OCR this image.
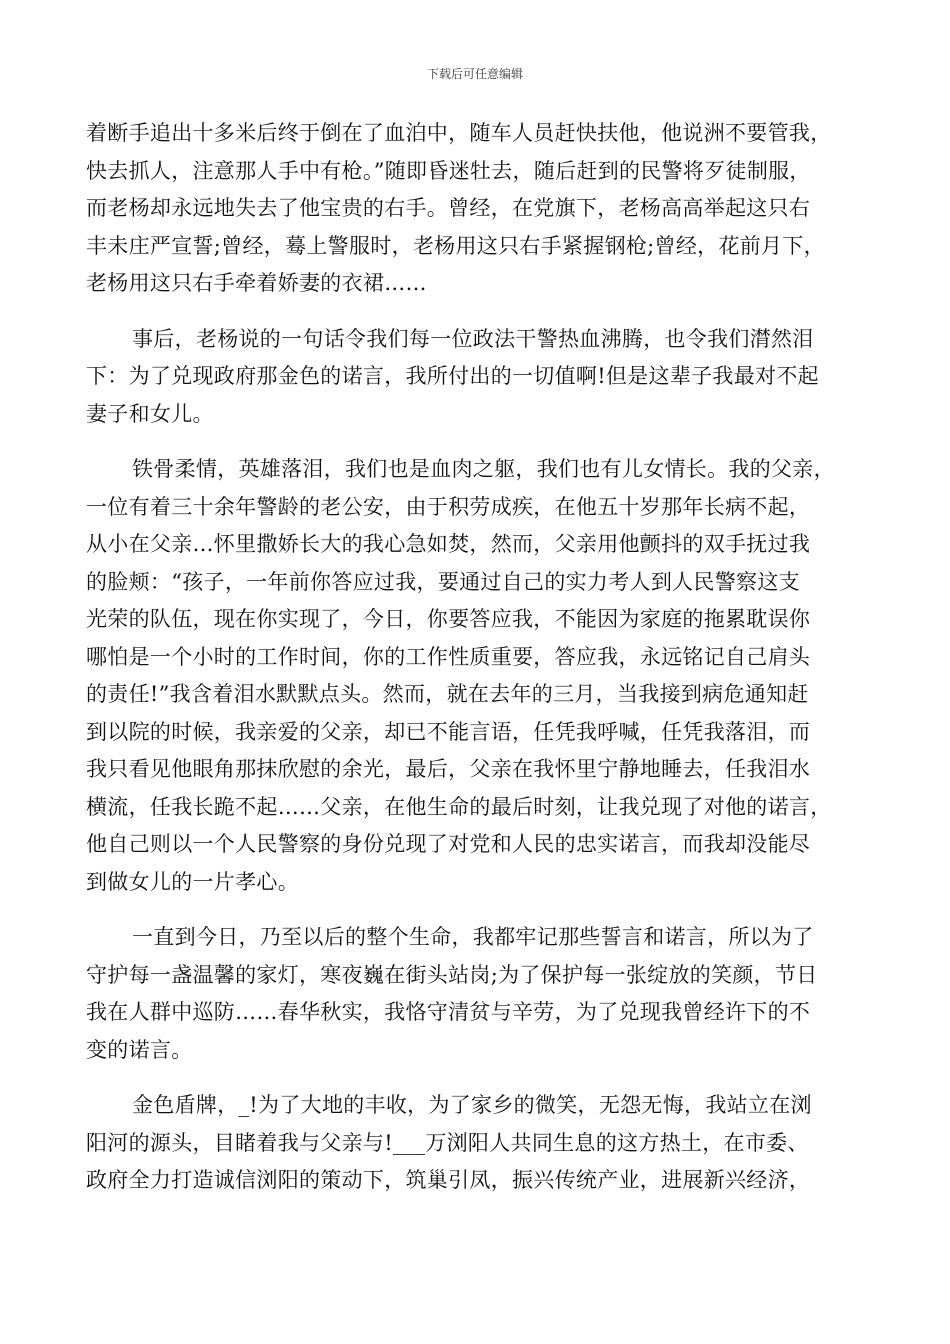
下载后可任意编辑
着断手追出十多米后终于倒在了血泊中，随车人员赶快扶他，他说洲不要管我，
快去抓人，注意那人手中有枪。”随即昏迷牡去，随后赶到的民警将歹徒制服，
而老杨却永远地失去了他宝贵的右手。曾经，在党旗下，老杨高高举起这只右
丰未庄严宣誓;曾经，蓦上警服时，老杨用这只右手紧握钢枪;曾经，花前月下，
老杨用这只右手牵着娇妻的衣裙……
事后，老杨说的一句话令我们每一位政法干警热血沸腾，也令我们潸然泪
下：为了兑现政府那金色的诺言，我所付出的一切值啊!但是这辈子我最对不起
妻子和女儿。
铁骨柔情，英雄落泪，我们也是血肉之躯，我们也有儿女情长。我的父亲，
一位有着三十余年警龄的老公安，由于积劳成疾，在他五十岁那年长病不起，
从小在父亲…怀里撒娇长大的我心急如焚，然而，父亲用他颤抖的双手抚过我
的脸颊：“孩子，一年前你答应过我，要通过自己的实力考人到人民警察这支
光荣的队伍，现在你实现了，今日，你要答应我，不能因为家庭的拖累耽误你
哪怕是一个小时的工作时间，你的工作性质重要，答应我，永远铭记自己肩头
的责任!”我含着泪水默默点头。然而，就在去年的三月，当我接到病危通知赶
到以院的时候，我亲爱的父亲，却已不能言语，任凭我呼喊，任凭我落泪，而
我只看见他眼角那抹欣慰的余光，最后，父亲在我怀里宁静地睡去，任我泪水
横流，任我长跪不起……父亲，在他生命的最后时刻，让我兑现了对他的诺言，
他自己则以一个人民警察的身份兑现了对党和人民的忠实诺言，而我却没能尽
到做女儿的一片孝心。
一直到今日，乃至以后的整个生命，我都牢记那些誓言和诺言，所以为了
守护每一盏温馨的家灯，寒夜巍在街头站岗;为了保护每一张绽放的笑颜，节日
我在人群中巡防……春华秋实，我恪守清贫与辛劳，为了兑现我曾经许下的不
变的诺言。
金色盾牌，_!为了大地的丰收，为了家乡的微笑，无怨无悔，我站立在浏
阳河的源头，目睹着我与父亲与!___万浏阳人共同生息的这方热土，在市委、
政府全力打造诚信浏阳的策动下，筑巢引凤，振兴传统产业，进展新兴经济，
